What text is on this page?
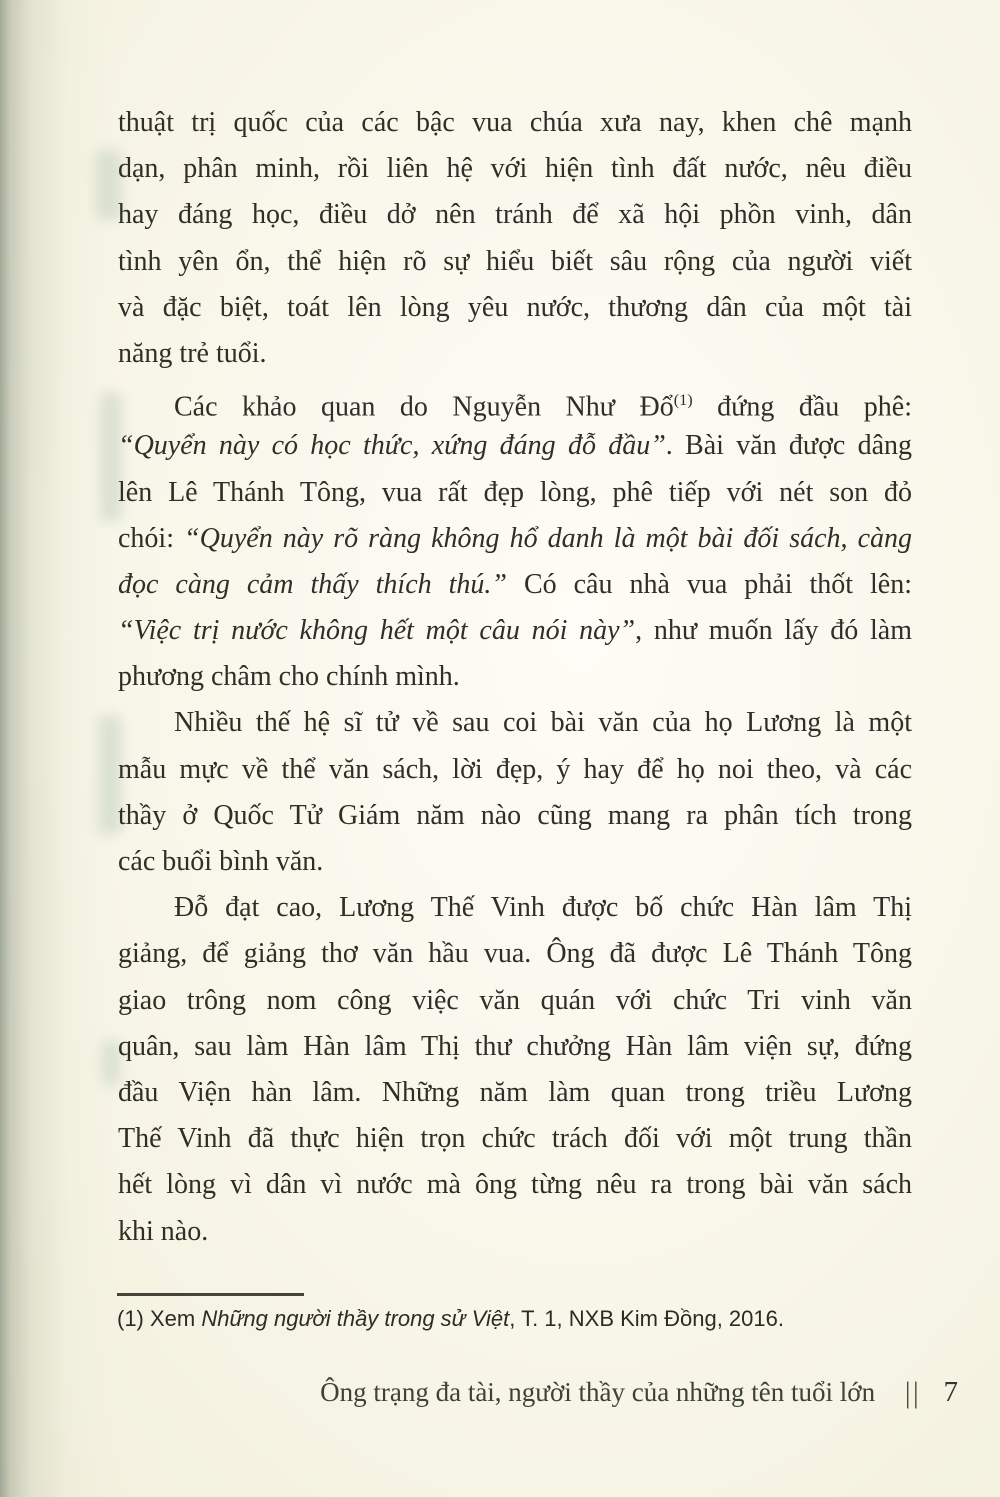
thuật trị quốc của các bậc vua chúa xưa nay, khen chê mạnh
dạn, phân minh, rồi liên hệ với hiện tình đất nước, nêu điều
hay đáng học, điều dở nên tránh để xã hội phồn vinh, dân
tình yên ổn, thể hiện rõ sự hiểu biết sâu rộng của người viết
và đặc biệt, toát lên lòng yêu nước, thương dân của một tài
năng trẻ tuổi.
Các khảo quan do Nguyễn Như Đổ$^{(1)}$ đứng đầu phê:
“Quyển này có học thức, xứng đáng đỗ đầu”. Bài văn được dâng
lên Lê Thánh Tông, vua rất đẹp lòng, phê tiếp với nét son đỏ
chói: “Quyển này rõ ràng không hổ danh là một bài đối sách, càng
đọc càng cảm thấy thích thú.” Có câu nhà vua phải thốt lên:
“Việc trị nước không hết một câu nói này”, như muốn lấy đó làm
phương châm cho chính mình.
Nhiều thế hệ sĩ tử về sau coi bài văn của họ Lương là một
mẫu mực về thể văn sách, lời đẹp, ý hay để họ noi theo, và các
thầy ở Quốc Tử Giám năm nào cũng mang ra phân tích trong
các buổi bình văn.
Đỗ đạt cao, Lương Thế Vinh được bố chức Hàn lâm Thị
giảng, để giảng thơ văn hầu vua. Ông đã được Lê Thánh Tông
giao trông nom công việc văn quán với chức Tri vinh văn
quân, sau làm Hàn lâm Thị thư chưởng Hàn lâm viện sự, đứng
đầu Viện hàn lâm. Những năm làm quan trong triều Lương
Thế Vinh đã thực hiện trọn chức trách đối với một trung thần
hết lòng vì dân vì nước mà ông từng nêu ra trong bài văn sách
khi nào.
(1) Xem Những người thầy trong sử Việt, T. 1, NXB Kim Đồng, 2016.
Ông trạng đa tài, người thầy của những tên tuổi lớn || 7
